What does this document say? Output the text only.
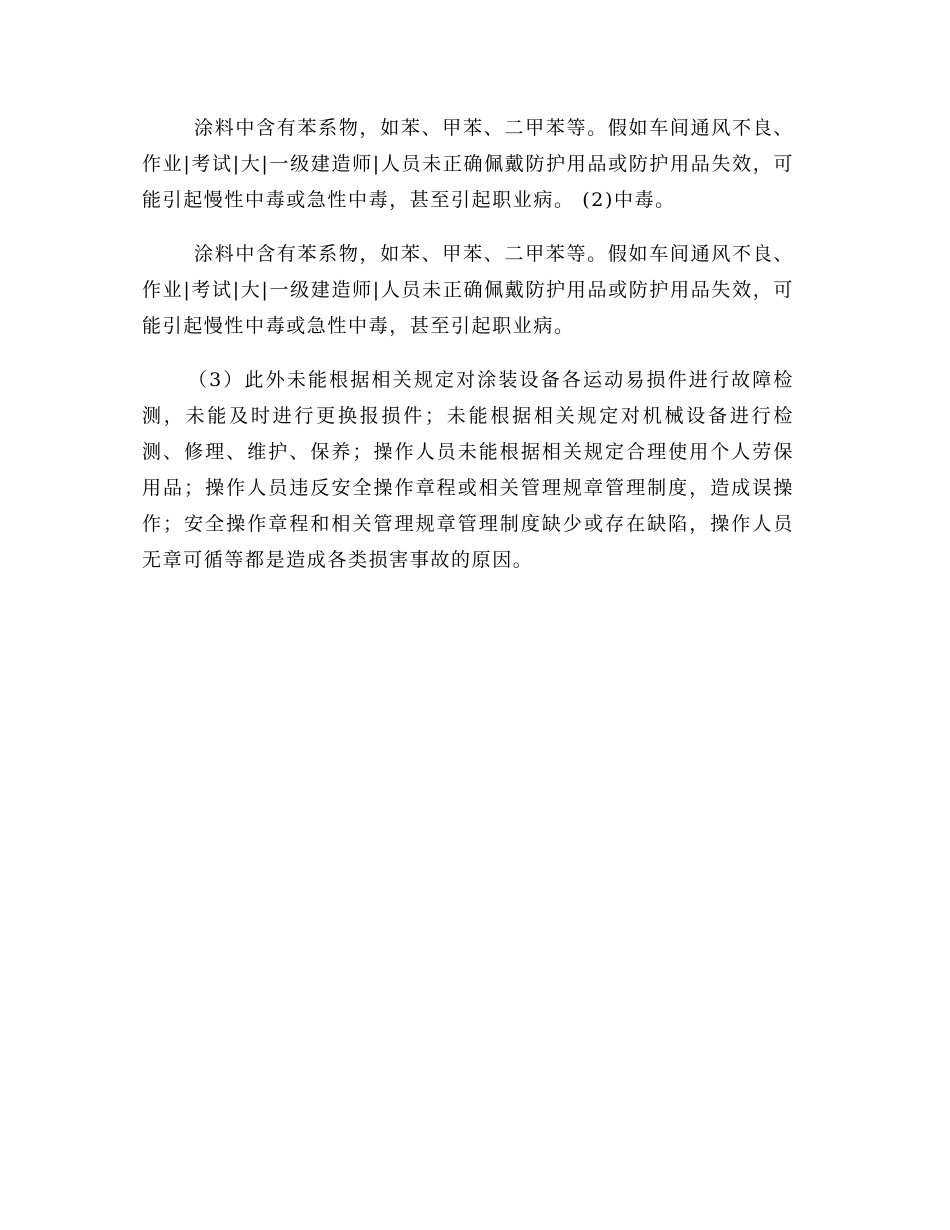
涂料中含有苯系物，如苯、甲苯、二甲苯等。假如车间通风不良、作业|考试|大|一级建造师|人员未正确佩戴防护用品或防护用品失效，可能引起慢性中毒或急性中毒，甚至引起职业病。 (2)中毒。

涂料中含有苯系物，如苯、甲苯、二甲苯等。假如车间通风不良、作业|考试|大|一级建造师|人员未正确佩戴防护用品或防护用品失效，可能引起慢性中毒或急性中毒，甚至引起职业病。

（3）此外未能根据相关规定对涂装设备各运动易损件进行故障检测，未能及时进行更换报损件；未能根据相关规定对机械设备进行检测、修理、维护、保养；操作人员未能根据相关规定合理使用个人劳保用品；操作人员违反安全操作章程或相关管理规章管理制度，造成误操作；安全操作章程和相关管理规章管理制度缺少或存在缺陷，操作人员无章可循等都是造成各类损害事故的原因。
